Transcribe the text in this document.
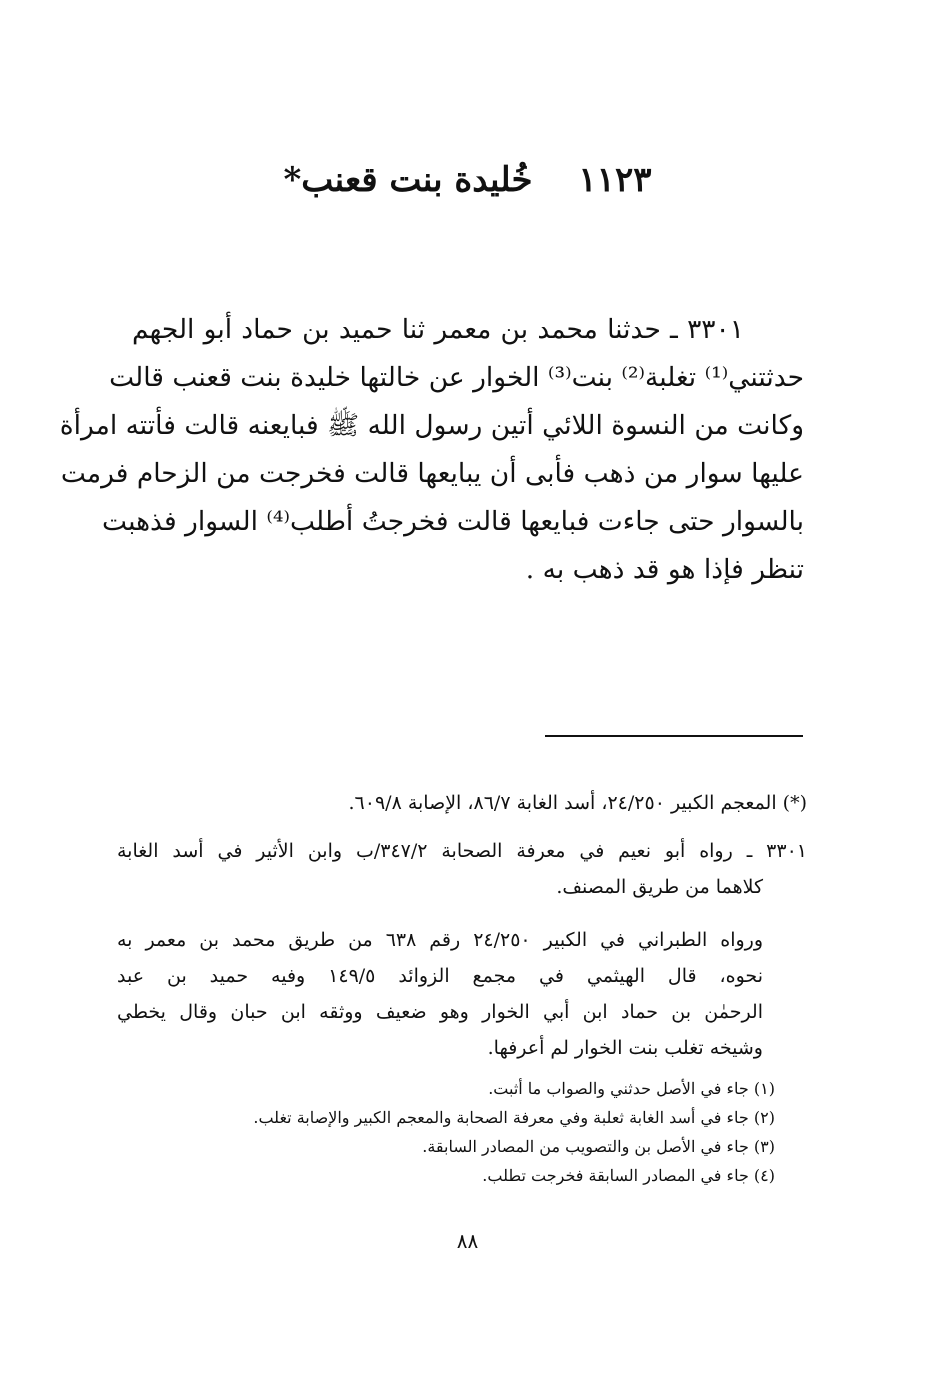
١١٢٣ خُليدة بنت قعنب*
٣٣٠١ ـ حدثنا محمد بن معمر ثنا حميد بن حماد أبو الجهم
حدثتني⁽¹⁾ تغلبة⁽²⁾ بنت⁽³⁾ الخوار عن خالتها خليدة بنت قعنب قالت
وكانت من النسوة اللائي أتين رسول الله ﷺ فبايعنه قالت فأتته امرأة
عليها سوار من ذهب فأبى أن يبايعها قالت فخرجت من الزحام فرمت
بالسوار حتى جاءت فبايعها قالت فخرجتُ أطلب⁽⁴⁾ السوار فذهبت
تنظر فإذا هو قد ذهب به .
(*) المعجم الكبير ٢٤/٢٥٠، أسد الغابة ٨٦/٧، الإصابة ٦٠٩/٨.
٣٣٠١ ـ رواه أبو نعيم في معرفة الصحابة ٣٤٧/٢/ب وابن الأثير في أسد الغابة
كلاهما من طريق المصنف.
ورواه الطبراني في الكبير ٢٤/٢٥٠ رقم ٦٣٨ من طريق محمد بن معمر به
نحوه، قال الهيثمي في مجمع الزوائد ١٤٩/٥ وفيه حميد بن عبد
الرحمٰن بن حماد ابن أبي الخوار وهو ضعيف ووثقه ابن حبان وقال يخطي
وشيخه تغلب بنت الخوار لم أعرفها.
(١) جاء في الأصل حدثني والصواب ما أثبت.
(٢) جاء في أسد الغابة ثعلبة وفي معرفة الصحابة والمعجم الكبير والإصابة تغلب.
(٣) جاء في الأصل بن والتصويب من المصادر السابقة.
(٤) جاء في المصادر السابقة فخرجت تطلب.
٨٨
